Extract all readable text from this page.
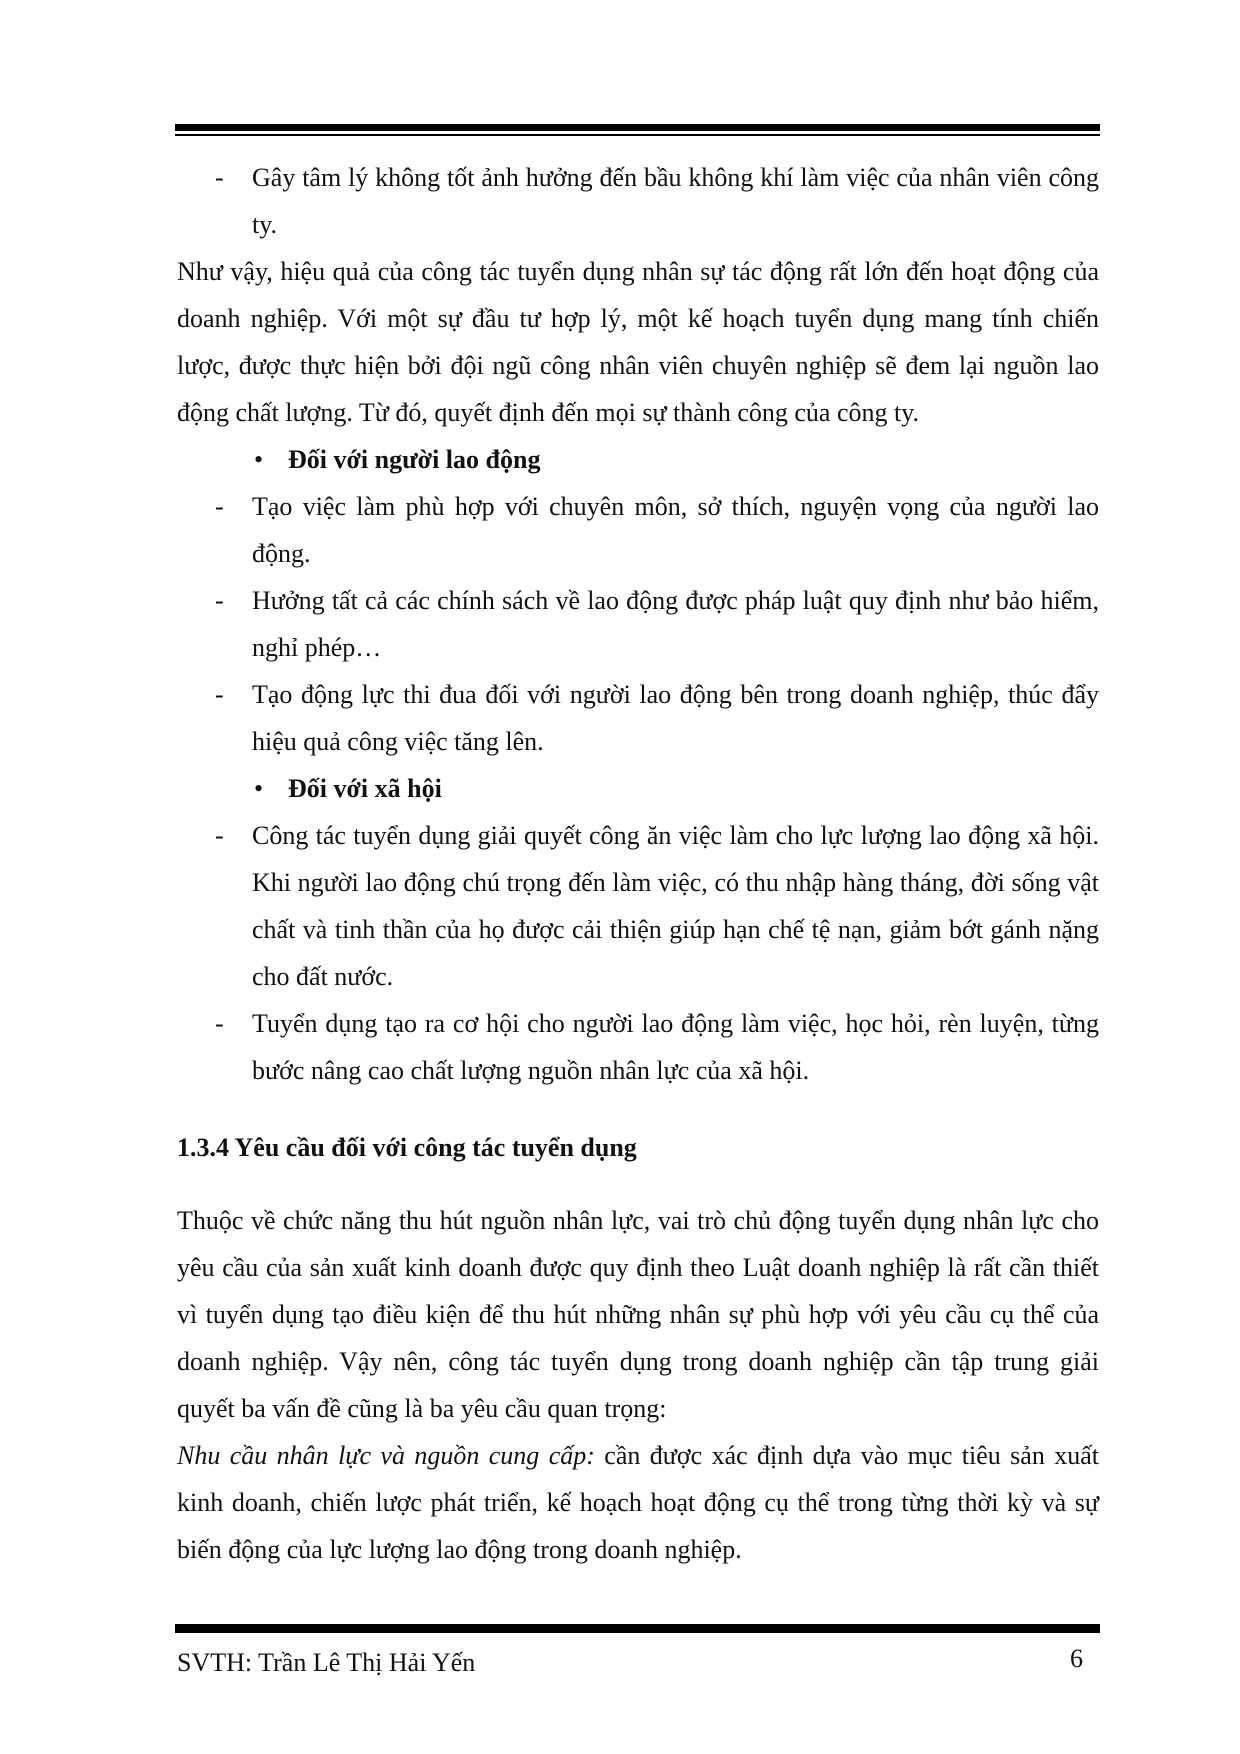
- Gây tâm lý không tốt ảnh hưởng đến bầu không khí làm việc của nhân viên công ty.

Như vậy, hiệu quả của công tác tuyển dụng nhân sự tác động rất lớn đến hoạt động của doanh nghiệp. Với một sự đầu tư hợp lý, một kế hoạch tuyển dụng mang tính chiến lược, được thực hiện bởi đội ngũ công nhân viên chuyên nghiệp sẽ đem lại nguồn lao động chất lượng. Từ đó, quyết định đến mọi sự thành công của công ty.

• Đối với người lao động
- Tạo việc làm phù hợp với chuyên môn, sở thích, nguyện vọng của người lao động.
- Hưởng tất cả các chính sách về lao động được pháp luật quy định như bảo hiểm, nghỉ phép…
- Tạo động lực thi đua đối với người lao động bên trong doanh nghiệp, thúc đẩy hiệu quả công việc tăng lên.
• Đối với xã hội
- Công tác tuyển dụng giải quyết công ăn việc làm cho lực lượng lao động xã hội. Khi người lao động chú trọng đến làm việc, có thu nhập hàng tháng, đời sống vật chất và tinh thần của họ được cải thiện giúp hạn chế tệ nạn, giảm bớt gánh nặng cho đất nước.
- Tuyển dụng tạo ra cơ hội cho người lao động làm việc, học hỏi, rèn luyện, từng bước nâng cao chất lượng nguồn nhân lực của xã hội.

1.3.4 Yêu cầu đối với công tác tuyển dụng

Thuộc về chức năng thu hút nguồn nhân lực, vai trò chủ động tuyển dụng nhân lực cho yêu cầu của sản xuất kinh doanh được quy định theo Luật doanh nghiệp là rất cần thiết vì tuyển dụng tạo điều kiện để thu hút những nhân sự phù hợp với yêu cầu cụ thể của doanh nghiệp. Vậy nên, công tác tuyển dụng trong doanh nghiệp cần tập trung giải quyết ba vấn đề cũng là ba yêu cầu quan trọng:

Nhu cầu nhân lực và nguồn cung cấp: cần được xác định dựa vào mục tiêu sản xuất kinh doanh, chiến lược phát triển, kế hoạch hoạt động cụ thể trong từng thời kỳ và sự biến động của lực lượng lao động trong doanh nghiệp.

SVTH: Trần Lê Thị Hải Yến	6
